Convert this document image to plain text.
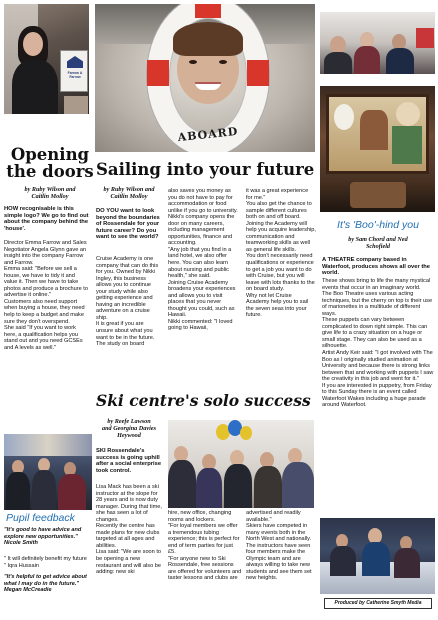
Farrow & Farrow
ABOARD
Opening
the doors
by Ruby Wilson and
Caitlin Molloy
HOW recognisable is this simple logo? We go to find out about the company behind the 'house'.
Director Emma Farrow and Sales Negotiator Angela Glynn gave an insight into the company Farrow and Farrow.
Emma said: "Before we sell a house, we have to tidy it and value it. Then we have to take photos and produce a brochure to advertise it online."
Customers also need support when buying a house, they need help to keep a budget and make sure they don't overspend.
She said "If you want to work here, a qualification helps you stand out and you need GCSEs and A levels as well."
Sailing into your future
by Ruby Wilson and
Caitlin Molloy
DO YOU want to look beyond the boundaries of Rossendale for your future career? Do you want to see the world?
Cruise Academy is one company that can do this for you. Owned by Nikki Ingley, this business allows you to continue your study while also getting experience and having an incredible adventure on a cruise ship.
It is great if you are unsure about what you want to be in the future.
The study on board
also saves you money as you do not have to pay for accommodation or food unlike if you go to university.
Nikki's company opens the door on many careers, including management opportunities, finance and accounting.
"Any job that you find in a land hotel, we also offer here. You can also learn about nursing and public health," she said.
Joining Cruise Academy broadens your experiences and allows you to visit places that you never thought you could, such as Hawaii.
Nikki commented: "I loved going to Hawaii,
it was a great experience for me."
You also get the chance to sample different cultures both on and off board.
Joining the Academy will help you acquire leadership, communication and teamworking skills as well as general life skills.
You don't necessarily need qualifications or experience to get a job you want to do with Cruise, but you will leave with lots thanks to the on board study.
Why not let Cruise Academy help you to sail the seven seas into your future.
It's 'Boo'-hind you
by Sam Chord and Ned
Schofield
A THEATRE company based in Waterfoot, produces shows all over the world.
These shows bring to life the many mystical events that occur in an imaginary world.
The Boo Theatre uses various acting techniques, but the cherry on top is their use of marionettes in a multitude of different ways.
These puppets can vary between complicated to down right simple. This can give life to a crazy situation on a huge or small stage. They can also be used as a silhouette.
Artist Andy Keir said: "I got involved with The Boo as I originally studied animation at University and because there is strong links between that and working with puppets I saw the creativity in this job and went for it."
If you are interested in puppetry, from Friday to this Sunday there is an event called Waterfoot Wakes including a huge parade around Waterfoot.
Ski centre's solo success
by Reefe Lawson
and Georgina Davies
Heywood
SKI Rossendale's success is going uphill after a social enterprise took control.
Lisa Mack has been a ski instructor at the slope for 28 years and is now duty manager. During that time, she has seen a lot of changes.
Recently the centre has made plans for new clubs targeted at all ages and abilities.
Lisa said: "We are soon to be opening a new restaurant and will also be adding: new ski
hire, new office, changing rooms and lockers.
"For loyal members we offer a tremendous tubing experience; this is perfect for end of term parties for just £5.
"For anyone new to Ski Rossendale, free sessions are offered for volunteers and taster lessons and clubs are
advertised and readily available."
Skiers have competed in many events both in the North West and nationally.
The instructors have seen four members make the Olympic team and are always willing to take new students and see them set new heights.
Pupil feedback
"It's good to have advice and explore new opportunities." Nicole Smith
" It will definitely benefit my future " Iqra Hussain
"It's helpful to get advice about what I may do in the future." Megan McCreadie
Produced by Catherine Smyth Media
